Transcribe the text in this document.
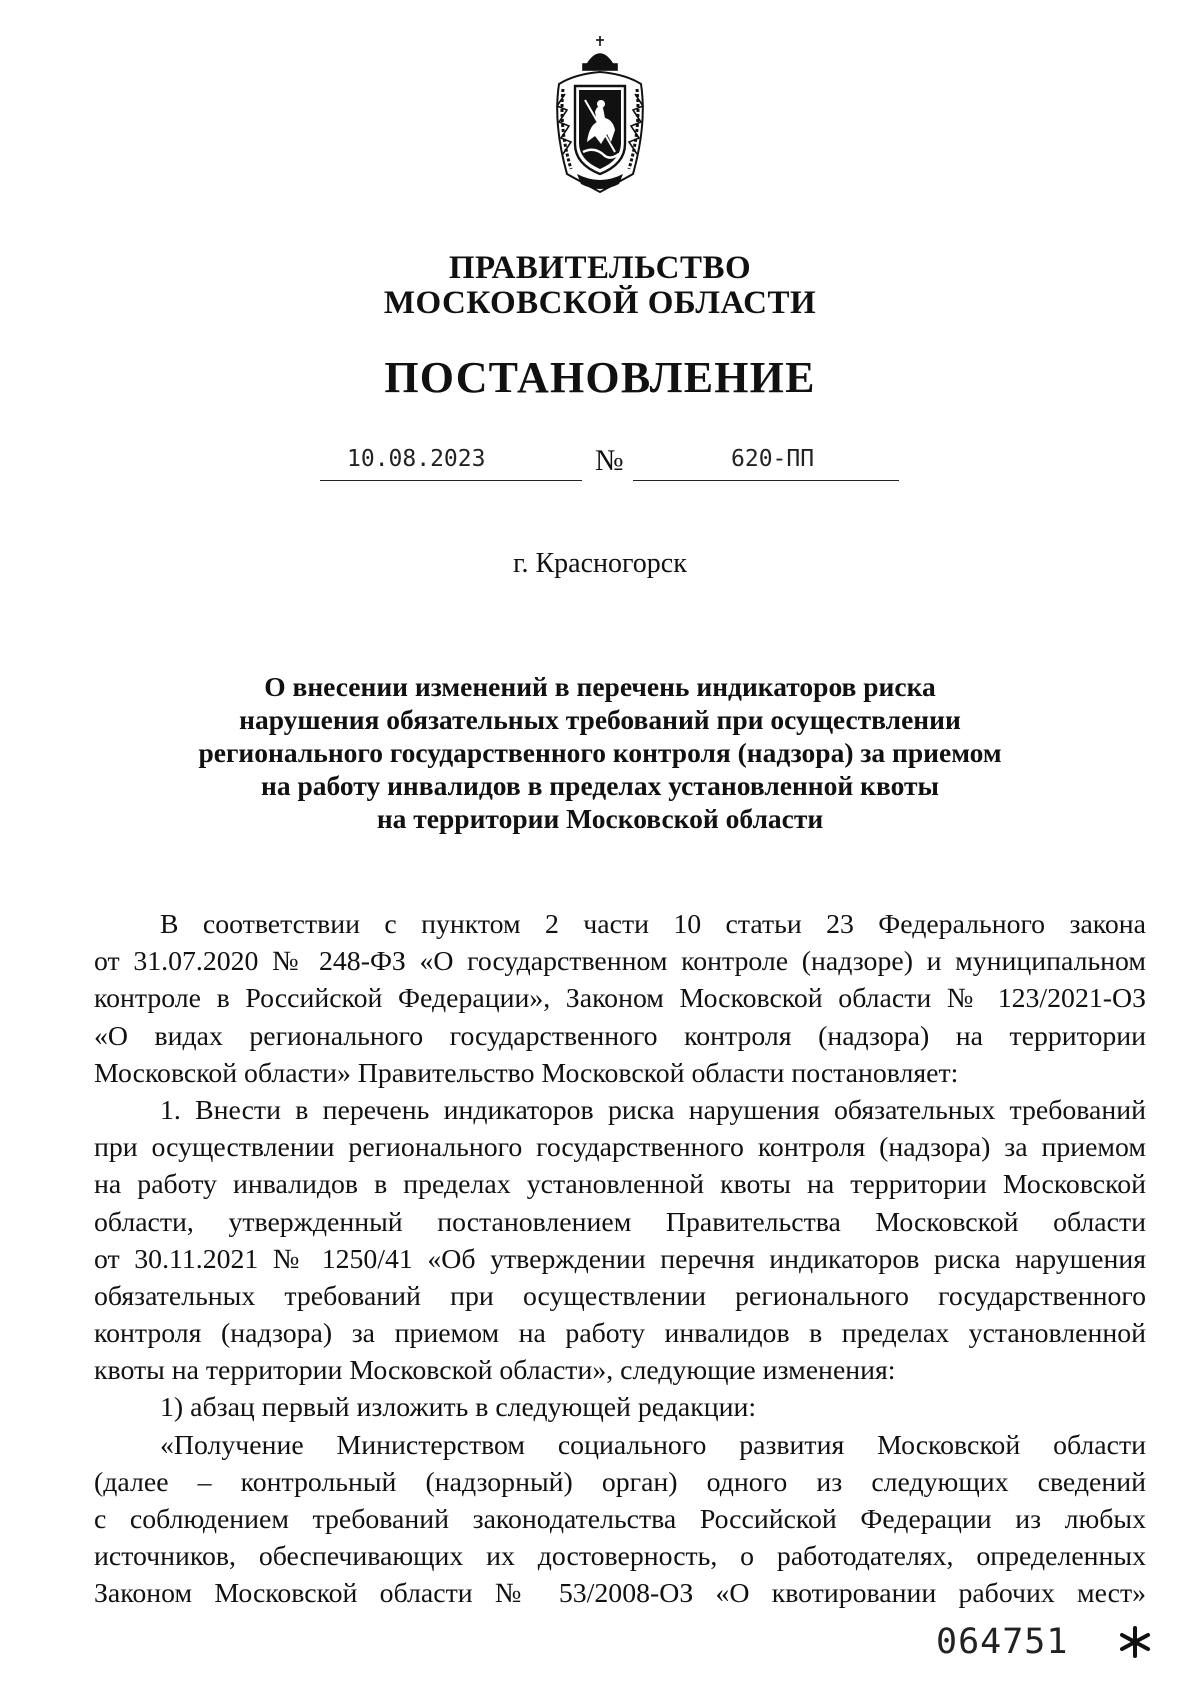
ПРАВИТЕЛЬСТВО
МОСКОВСКОЙ ОБЛАСТИ
ПОСТАНОВЛЕНИЕ
10.08.2023	№	620-ПП
г. Красногорск
О внесении изменений в перечень индикаторов риска
нарушения обязательных требований при осуществлении
регионального государственного контроля (надзора) за приемом
на работу инвалидов в пределах установленной квоты
на территории Московской области
В соответствии с пунктом 2 части 10 статьи 23 Федерального закона
от 31.07.2020 № 248-ФЗ «О государственном контроле (надзоре) и муниципальном
контроле в Российской Федерации», Законом Московской области № 123/2021-ОЗ
«О видах регионального государственного контроля (надзора) на территории
Московской области» Правительство Московской области постановляет:
1. Внести в перечень индикаторов риска нарушения обязательных требований
при осуществлении регионального государственного контроля (надзора) за приемом
на работу инвалидов в пределах установленной квоты на территории Московской
области, утвержденный постановлением Правительства Московской области
от 30.11.2021 № 1250/41 «Об утверждении перечня индикаторов риска нарушения
обязательных требований при осуществлении регионального государственного
контроля (надзора) за приемом на работу инвалидов в пределах установленной
квоты на территории Московской области», следующие изменения:
1) абзац первый изложить в следующей редакции:
«Получение Министерством социального развития Московской области
(далее – контрольный (надзорный) орган) одного из следующих сведений
с соблюдением требований законодательства Российской Федерации из любых
источников, обеспечивающих их достоверность, о работодателях, определенных
Законом Московской области № 53/2008-ОЗ «О квотировании рабочих мест»
064751
